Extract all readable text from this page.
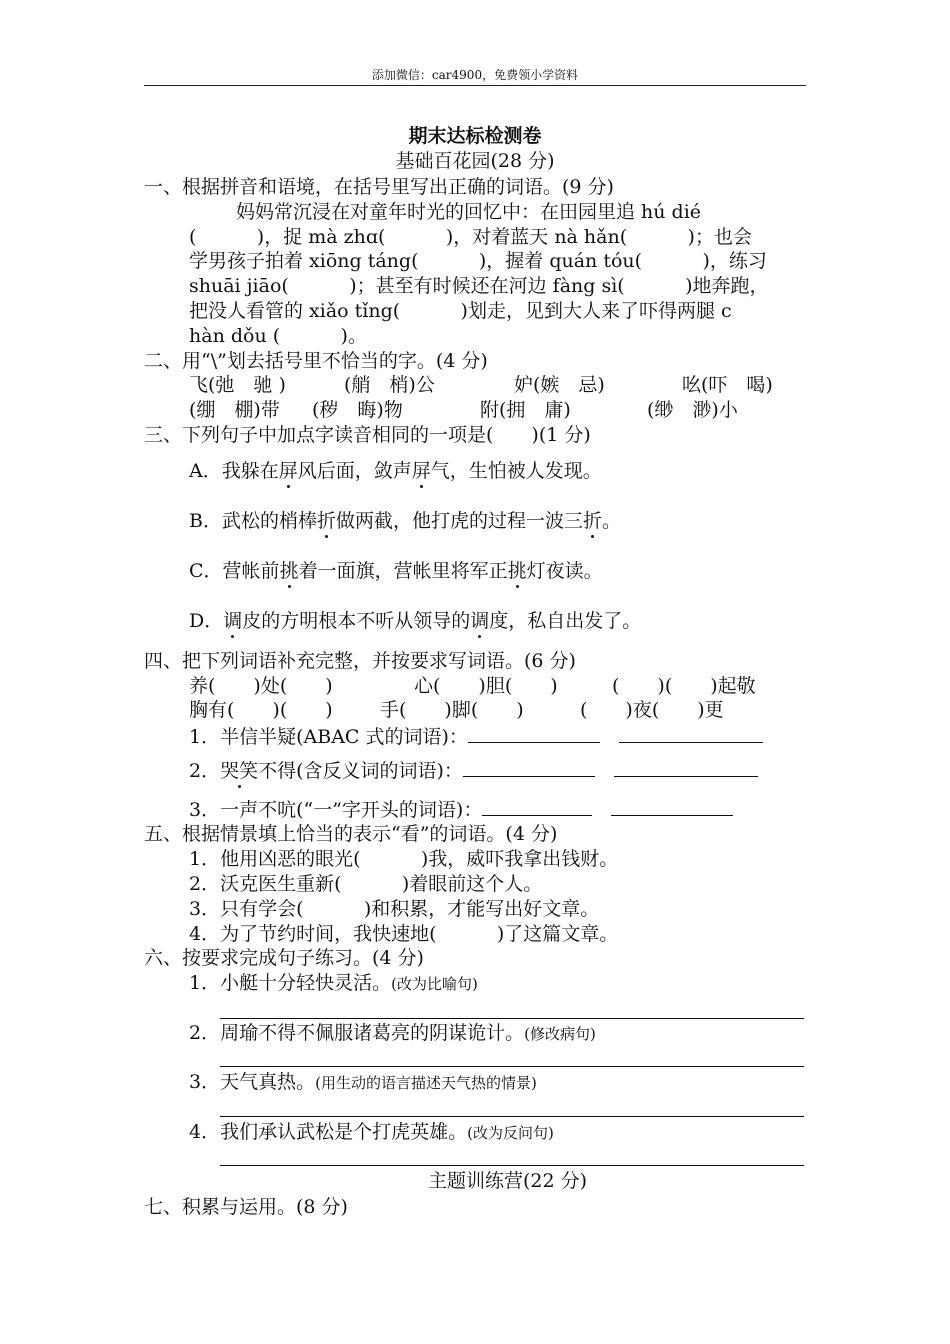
添加微信：car4900，免费领小学资料
期末达标检测卷
基础百花园(28 分)
一、根据拼音和语境，在括号里写出正确的词语。(9 分)
妈妈常沉浸在对童年时光的回忆中：在田园里追 hú dié
(          )，捉 mà zhɑ(          )，对着蓝天 nà hǎn(          )；也会
学男孩子拍着 xiōng táng(          )，握着 quán tóu(          )，练习
shuāi jiāo(          )；甚至有时候还在河边 fàng sì(          )地奔跑，
把没人看管的 xiǎo tǐng(          )划走，见到大人来了吓得两腿 c
hàn dǒu (          )。
二、用“\”划去括号里不恰当的字。(4 分)
飞(弛　驰 )	(艄　梢)公	妒(嫉　忌)	吆(吓　喝)
(绷　棚)带 (秽　晦)物	附(拥　庸)	(缈　渺)小
三、下列句子中加点字读音相同的一项是(　　)(1 分)
A．我躲在屏风后面，敛声屏气，生怕被人发现。
B．武松的梢棒折做两截，他打虎的过程一波三折。
C．营帐前挑着一面旗，营帐里将军正挑灯夜读。
D．调皮的方明根本不听从领导的调度，私自出发了。
四、把下列词语补充完整，并按要求写词语。(6 分)
养(　　)处(　　)	心(　　)胆(　　)	(　　)(　　)起敬
胸有(　　)(　　) 手(　　)脚(　　)	(　　)夜(　　)更
1．半信半疑(ABAC 式的词语)：　
2．哭笑不得(含反义词的词语)：　
3．一声不吭(“一”字开头的词语)：　
五、根据情景填上恰当的表示“看”的词语。(4 分)
1．他用凶恶的眼光(          )我，威吓我拿出钱财。
2．沃克医生重新(          )着眼前这个人。
3．只有学会(          )和积累，才能写出好文章。
4．为了节约时间，我快速地(          )了这篇文章。
六、按要求完成句子练习。(4 分)
1．小艇十分轻快灵活。(改为比喻句)
2．周瑜不得不佩服诸葛亮的阴谋诡计。(修改病句)
3．天气真热。(用生动的语言描述天气热的情景)
4．我们承认武松是个打虎英雄。(改为反问句)
主题训练营(22 分)
七、积累与运用。(8 分)
